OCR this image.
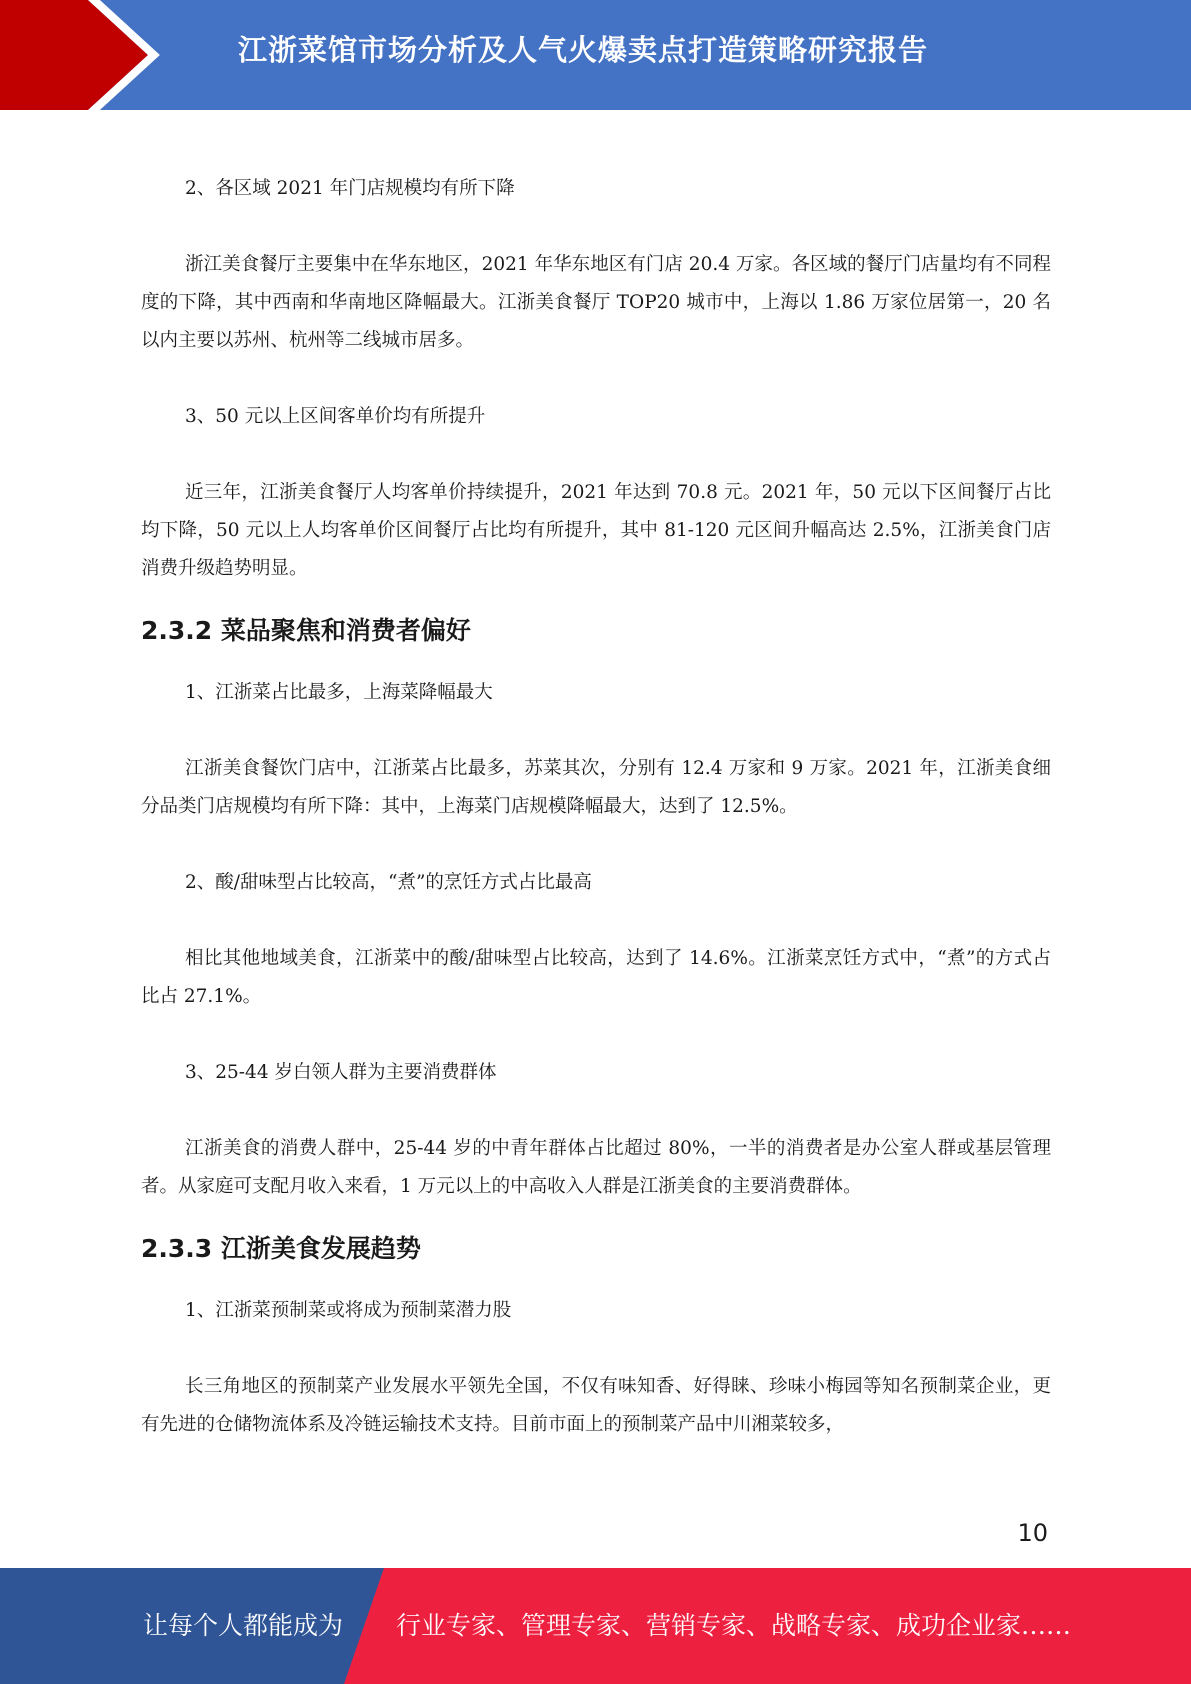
江浙菜馆市场分析及人气火爆卖点打造策略研究报告

2、各区域 2021 年门店规模均有所下降

浙江美食餐厅主要集中在华东地区，2021 年华东地区有门店 20.4 万家。各区域的餐厅门店量均有不同程度的下降，其中西南和华南地区降幅最大。江浙美食餐厅 TOP20 城市中，上海以 1.86 万家位居第一，20 名以内主要以苏州、杭州等二线城市居多。

3、50 元以上区间客单价均有所提升

近三年，江浙美食餐厅人均客单价持续提升，2021 年达到 70.8 元。2021 年，50 元以下区间餐厅占比均下降，50 元以上人均客单价区间餐厅占比均有所提升，其中 81-120 元区间升幅高达 2.5%，江浙美食门店消费升级趋势明显。

2.3.2 菜品聚焦和消费者偏好

1、江浙菜占比最多，上海菜降幅最大

江浙美食餐饮门店中，江浙菜占比最多，苏菜其次，分别有 12.4 万家和 9 万家。2021 年，江浙美食细分品类门店规模均有所下降：其中，上海菜门店规模降幅最大，达到了 12.5%。

2、酸/甜味型占比较高，“煮”的烹饪方式占比最高

相比其他地域美食，江浙菜中的酸/甜味型占比较高，达到了 14.6%。江浙菜烹饪方式中，“煮”的方式占比占 27.1%。

3、25-44 岁白领人群为主要消费群体

江浙美食的消费人群中，25-44 岁的中青年群体占比超过 80%，一半的消费者是办公室人群或基层管理者。从家庭可支配月收入来看，1 万元以上的中高收入人群是江浙美食的主要消费群体。

2.3.3 江浙美食发展趋势

1、江浙菜预制菜或将成为预制菜潜力股

长三角地区的预制菜产业发展水平领先全国，不仅有味知香、好得睐、珍味小梅园等知名预制菜企业，更有先进的仓储物流体系及冷链运输技术支持。目前市面上的预制菜产品中川湘菜较多，

10
让每个人都能成为 行业专家、管理专家、营销专家、战略专家、成功企业家……
